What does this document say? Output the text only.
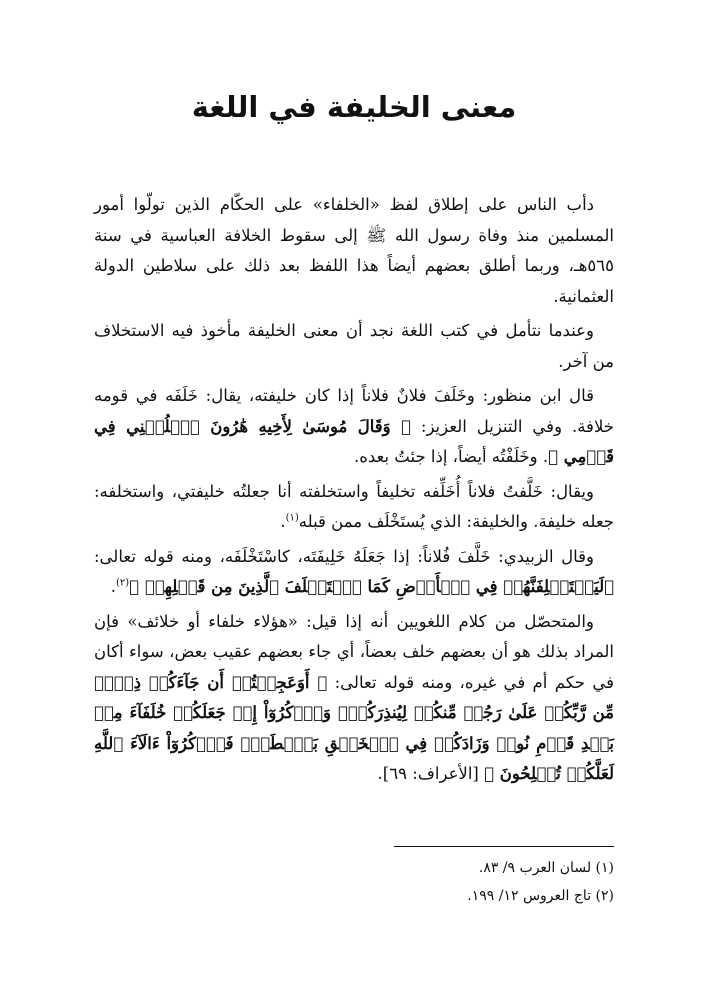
معنى الخليفة في اللغة

دأب الناس على إطلاق لفظ «الخلفاء» على الحكّام الذين تولّوا أمور المسلمين منذ وفاة رسول الله ﷺ إلى سقوط الخلافة العباسية في سنة ٥٦٥هـ، وربما أطلق بعضهم أيضاً هذا اللفظ بعد ذلك على سلاطين الدولة العثمانية.

وعندما نتأمل في كتب اللغة نجد أن معنى الخليفة مأخوذ فيه الاستخلاف من آخر.

قال ابن منظور: وخَلَفَ فلانٌ فلاناً إذا كان خليفته، يقال: خَلَفَه في قومه خلافة. وفي التنزيل العزيز: ﴿ وَقَالَ مُوسَىٰ لِأَخِيهِ هَٰرُونَ ٱخۡلُفۡنِي فِي قَوۡمِي ﴾. وخَلَفْتُه أيضاً، إذا جئتُ بعده.

ويقال: خَلَّفتُ فلاناً أُخَلِّفه تخليفاً واستخلفته أنا جعلتُه خليفتي، واستخلفه: جعله خليفة. والخليفة: الذي يُستَخْلَف ممن قبله$^{(١)}$.

وقال الزبيدي: خَلَّفَ فُلاناً: إذا جَعَلَهُ خَلِيفَتَه، كاسْتَخْلَفَه، ومنه قوله تعالى: ﴿لَيَسۡتَخۡلِفَنَّهُمۡ فِي ٱلۡأَرۡضِ كَمَا ٱسۡتَخۡلَفَ ٱلَّذِينَ مِن قَبۡلِهِمۡ ﴾$^{(٢)}$.

والمتحصّل من كلام اللغويين أنه إذا قيل: «هؤلاء خلفاء أو خلائف» فإن المراد بذلك هو أن بعضهم خلف بعضاً، أي جاء بعضهم عقيب بعض، سواء أكان في حكم أم في غيره، ومنه قوله تعالى: ﴿ أَوَعَجِبۡتُمۡ أَن جَآءَكُمۡ ذِكۡرٞ مِّن رَّبِّكُمۡ عَلَىٰ رَجُلٖ مِّنكُمۡ لِيُنذِرَكُمۡۚ وَٱذۡكُرُوٓاْ إِذۡ جَعَلَكُمۡ خُلَفَآءَ مِنۢ بَعۡدِ قَوۡمِ نُوحٖ وَزَادَكُمۡ فِي ٱلۡخَلۡقِ بَصۜۡطَةٗۖ فَٱذۡكُرُوٓاْ ءَالَآءَ ٱللَّهِ لَعَلَّكُمۡ تُفۡلِحُونَ ﴾ [الأعراف: ٦٩].

(١) لسان العرب ٩/ ٨٣.
(٢) تاج العروس ١٢/ ١٩٩.
